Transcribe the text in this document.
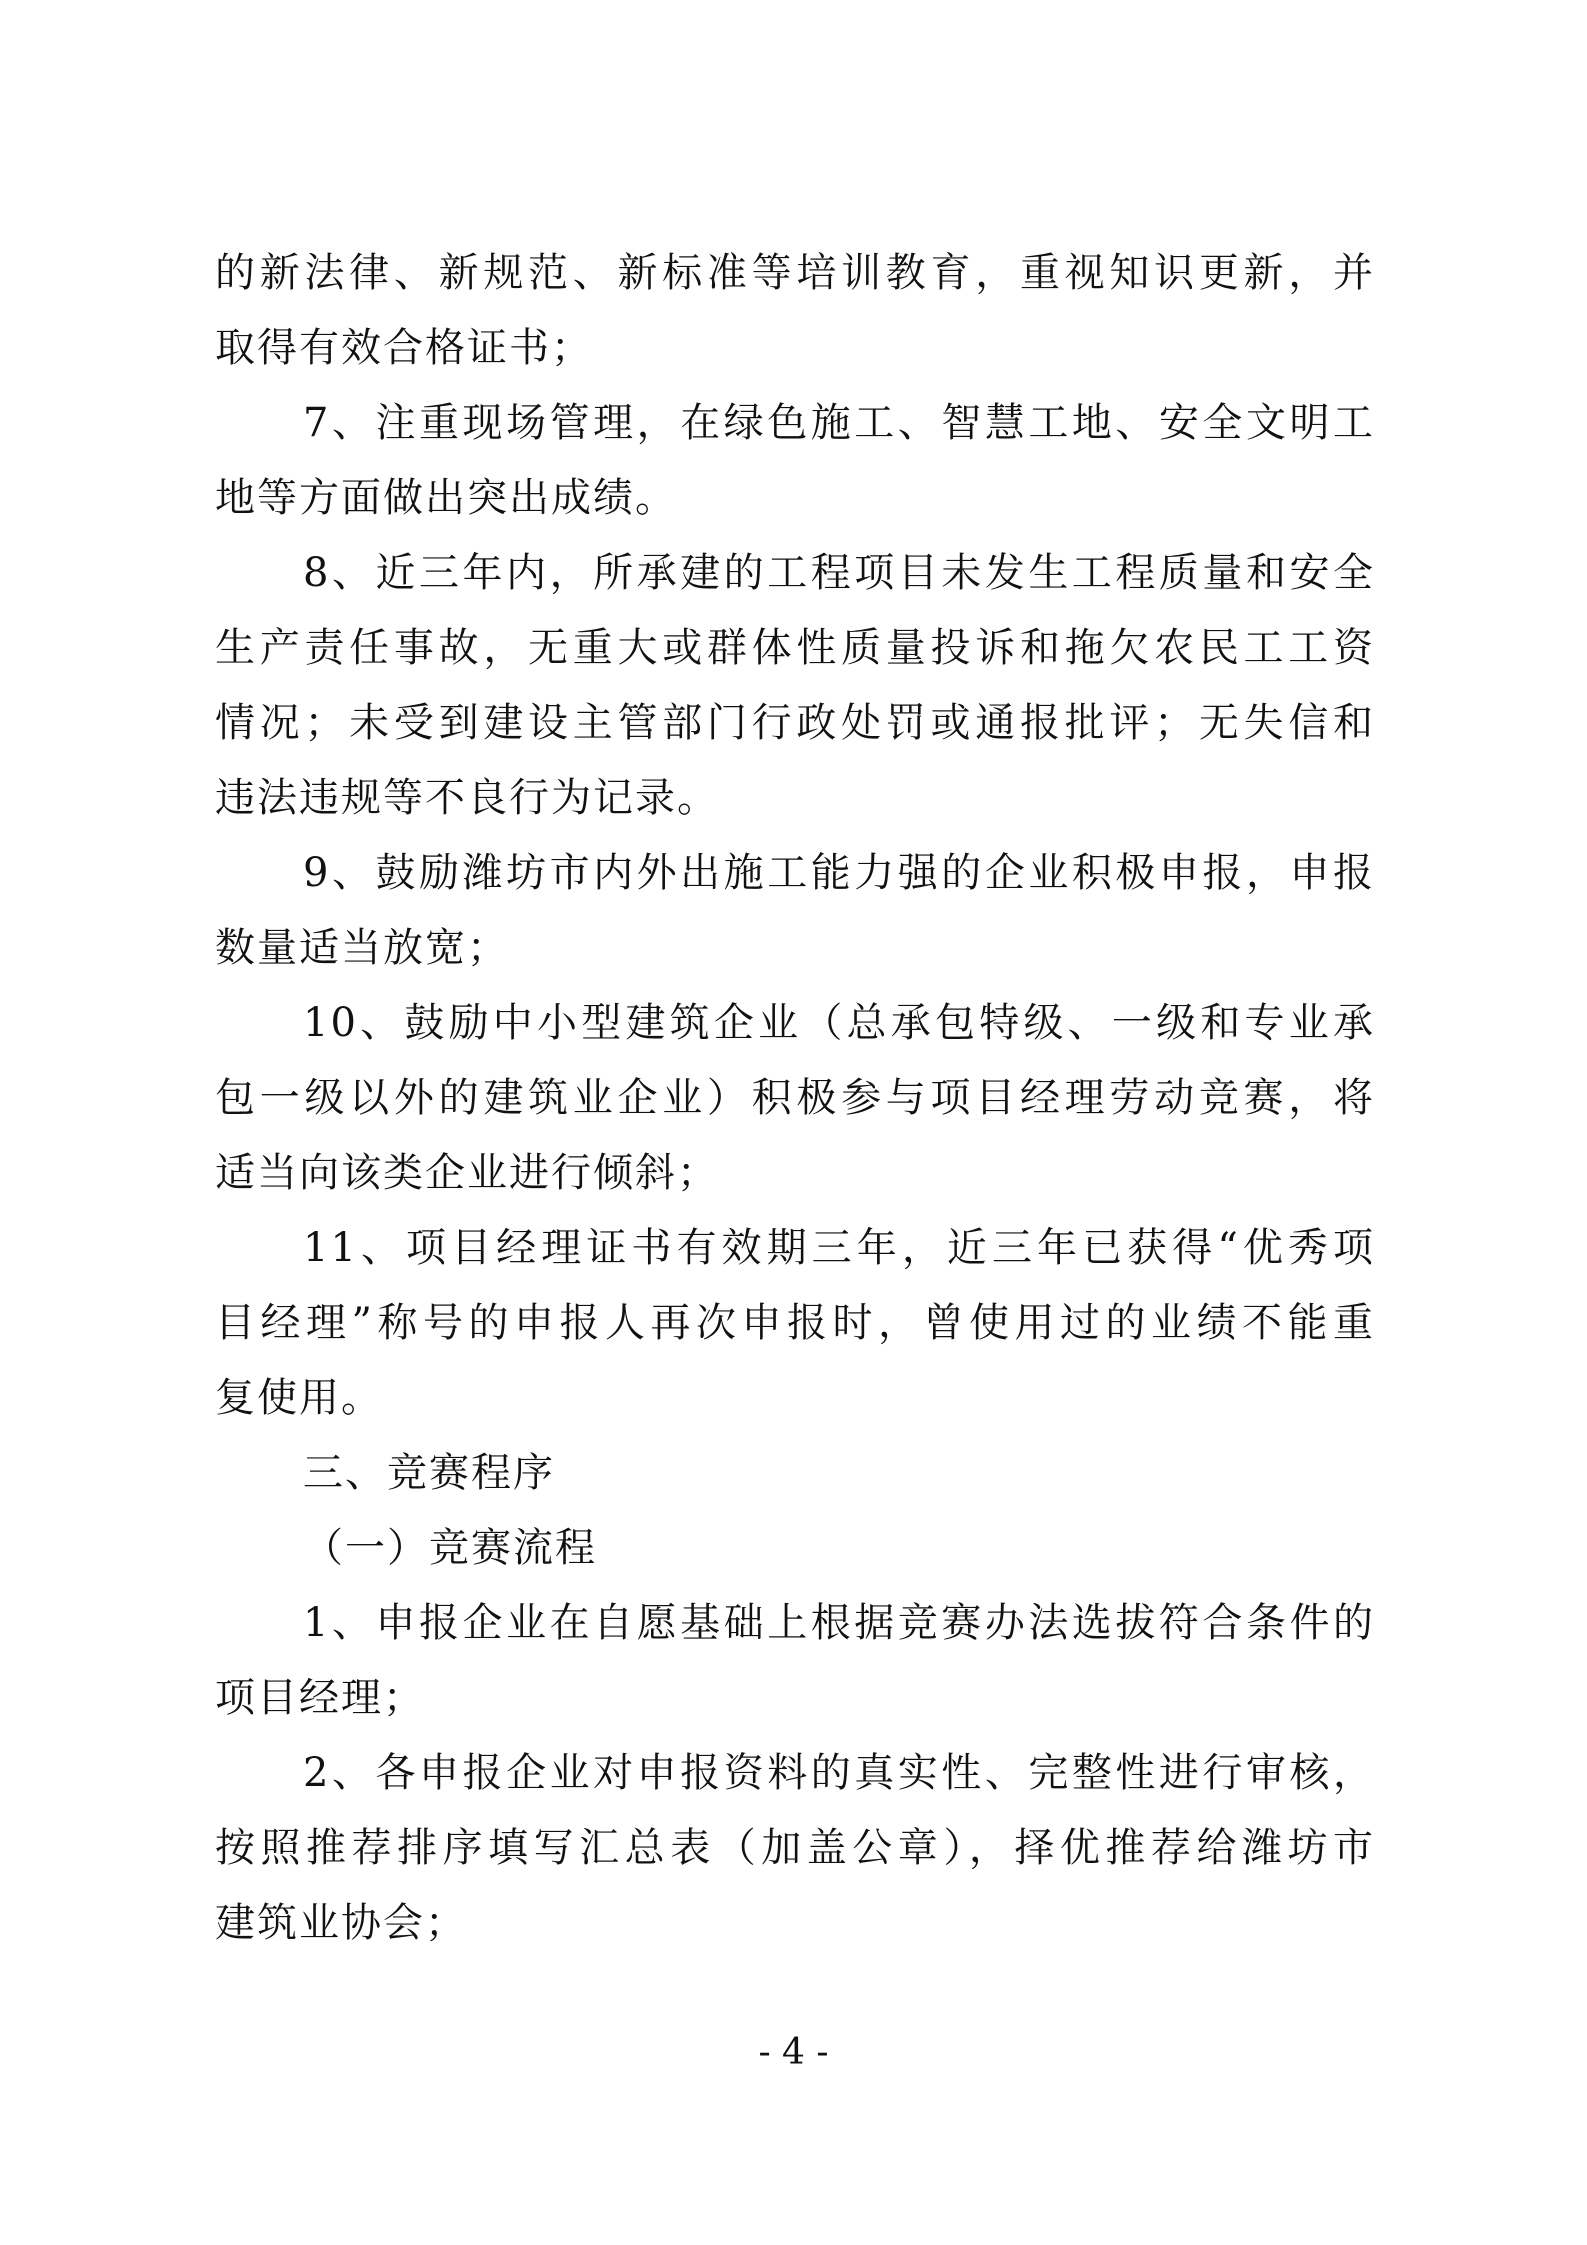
的新法律、新规范、新标准等培训教育，重视知识更新，并
取得有效合格证书；
7、注重现场管理，在绿色施工、智慧工地、安全文明工
地等方面做出突出成绩。
8、近三年内，所承建的工程项目未发生工程质量和安全
生产责任事故，无重大或群体性质量投诉和拖欠农民工工资
情况；未受到建设主管部门行政处罚或通报批评；无失信和
违法违规等不良行为记录。
9、鼓励潍坊市内外出施工能力强的企业积极申报，申报
数量适当放宽；
10、鼓励中小型建筑企业（总承包特级、一级和专业承
包一级以外的建筑业企业）积极参与项目经理劳动竞赛，将
适当向该类企业进行倾斜；
11、项目经理证书有效期三年，近三年已获得“优秀项
目经理”称号的申报人再次申报时，曾使用过的业绩不能重
复使用。
三、竞赛程序
（一）竞赛流程
1、申报企业在自愿基础上根据竞赛办法选拔符合条件的
项目经理；
2、各申报企业对申报资料的真实性、完整性进行审核，
按照推荐排序填写汇总表（加盖公章），择优推荐给潍坊市
建筑业协会；
- 4 -
